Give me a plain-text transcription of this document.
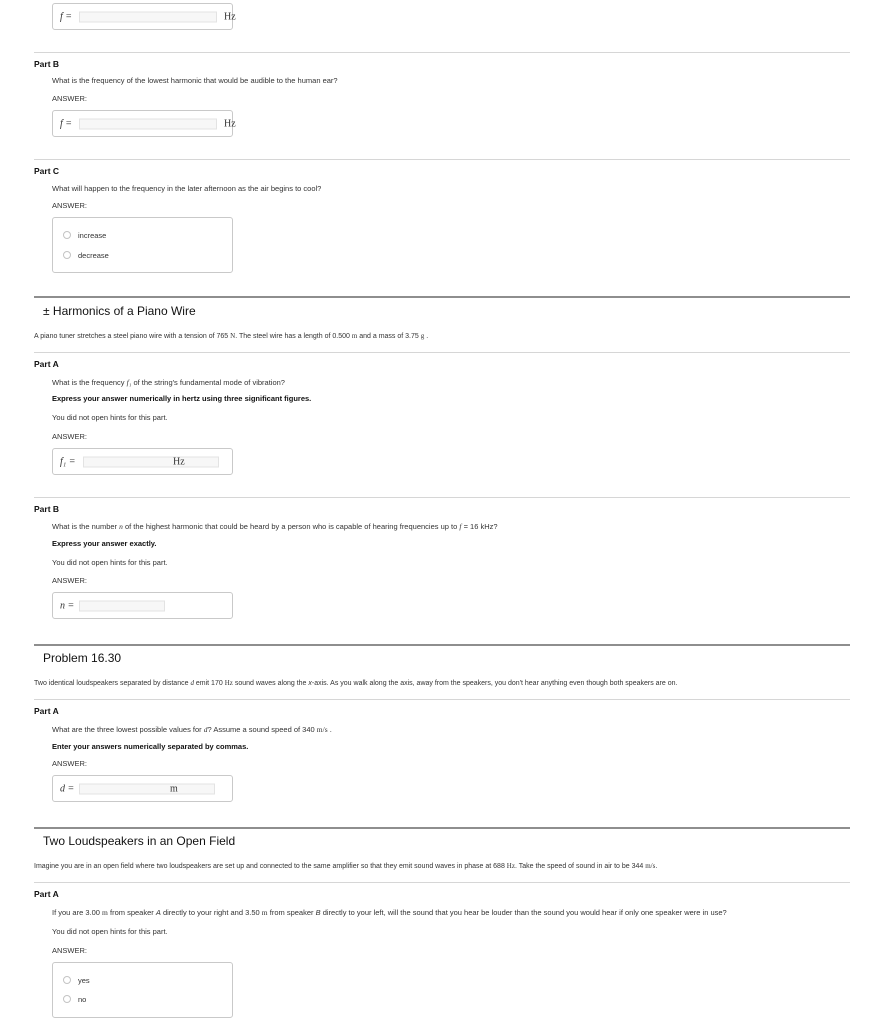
f =	Hz
Part B
What is the frequency of the lowest harmonic that would be audible to the human ear?
ANSWER:
f =	Hz
Part C
What will happen to the frequency in the later afternoon as the air begins to cool?
ANSWER:
increase
decrease
± Harmonics of a Piano Wire
A piano tuner stretches a steel piano wire with a tension of 765 N. The steel wire has a length of 0.500 m and a mass of 3.75 g .
Part A
What is the frequency f₁ of the string's fundamental mode of vibration?
Express your answer numerically in hertz using three significant figures.
You did not open hints for this part.
ANSWER:
f₁ =	Hz
Part B
What is the number n of the highest harmonic that could be heard by a person who is capable of hearing frequencies up to f = 16 kHz?
Express your answer exactly.
You did not open hints for this part.
ANSWER:
n =
Problem 16.30
Two identical loudspeakers separated by distance d emit 170 Hz sound waves along the x-axis. As you walk along the axis, away from the speakers, you don't hear anything even though both speakers are on.
Part A
What are the three lowest possible values for d? Assume a sound speed of 340 m/s .
Enter your answers numerically separated by commas.
ANSWER:
d =	m
Two Loudspeakers in an Open Field
Imagine you are in an open field where two loudspeakers are set up and connected to the same amplifier so that they emit sound waves in phase at 688 Hz. Take the speed of sound in air to be 344 m/s.
Part A
If you are 3.00 m from speaker A directly to your right and 3.50 m from speaker B directly to your left, will the sound that you hear be louder than the sound you would hear if only one speaker were in use?
You did not open hints for this part.
ANSWER:
yes
no
